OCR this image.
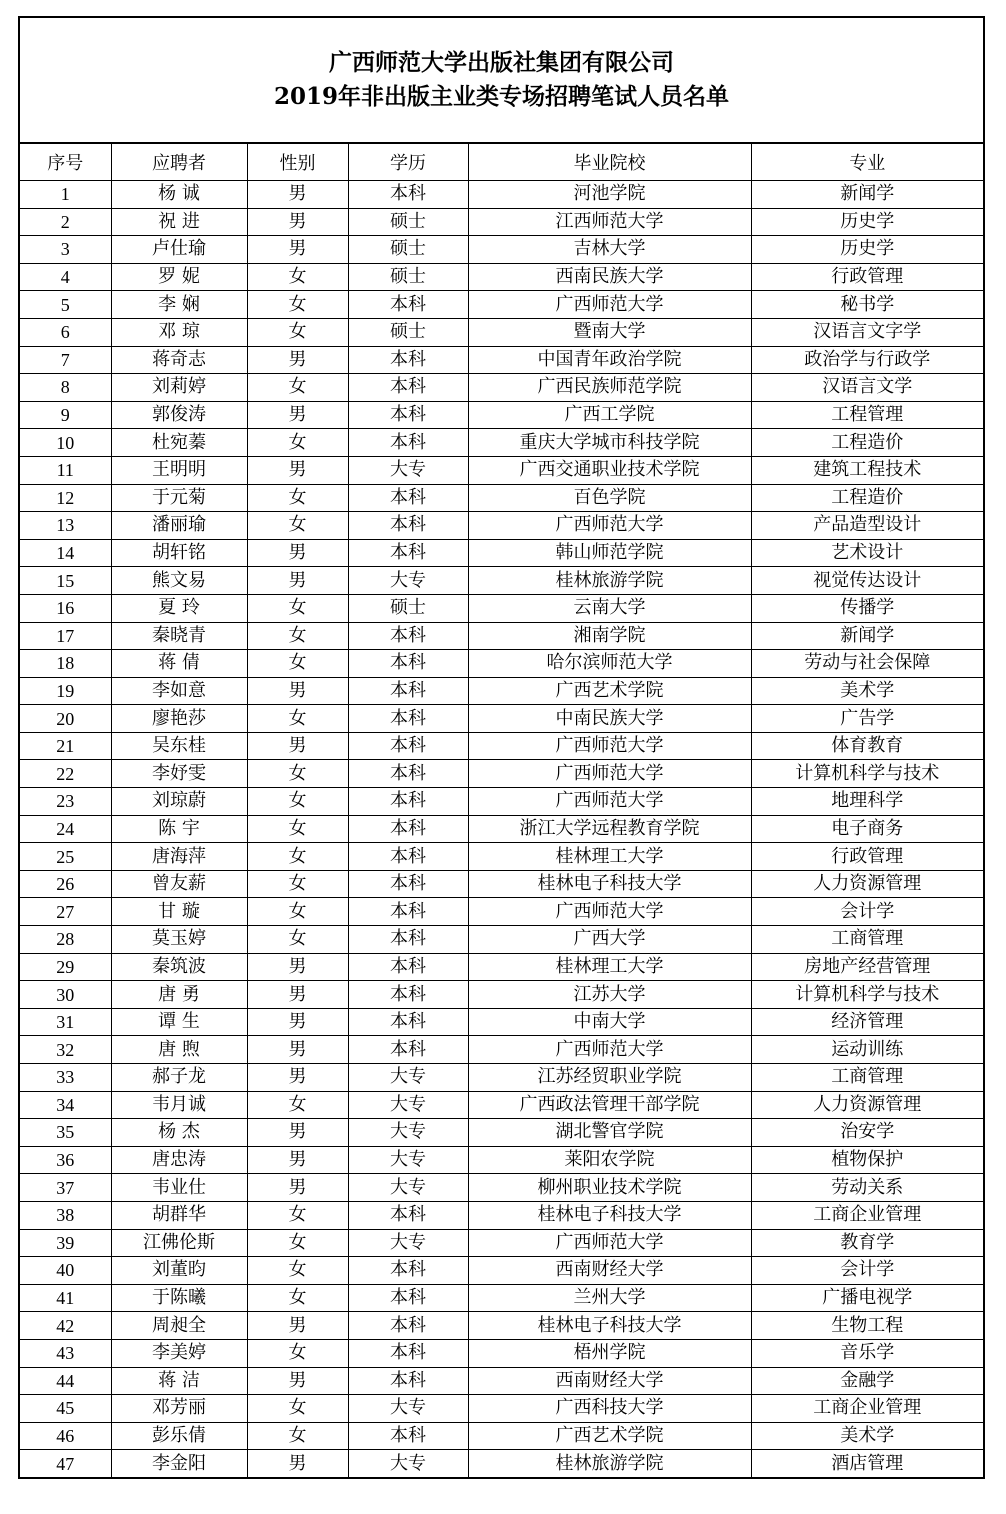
广西师范大学出版社集团有限公司
2019年非出版主业类专场招聘笔试人员名单
序号	应聘者	性别	学历	毕业院校	专业
1	杨 诚	男	本科	河池学院	新闻学
2	祝 进	男	硕士	江西师范大学	历史学
3	卢仕瑜	男	硕士	吉林大学	历史学
4	罗 妮	女	硕士	西南民族大学	行政管理
5	李 娴	女	本科	广西师范大学	秘书学
6	邓 琼	女	硕士	暨南大学	汉语言文字学
7	蒋奇志	男	本科	中国青年政治学院	政治学与行政学
8	刘莉婷	女	本科	广西民族师范学院	汉语言文学
9	郭俊涛	男	本科	广西工学院	工程管理
10	杜宛蓁	女	本科	重庆大学城市科技学院	工程造价
11	王明明	男	大专	广西交通职业技术学院	建筑工程技术
12	于元菊	女	本科	百色学院	工程造价
13	潘丽瑜	女	本科	广西师范大学	产品造型设计
14	胡轩铭	男	本科	韩山师范学院	艺术设计
15	熊文易	男	大专	桂林旅游学院	视觉传达设计
16	夏 玲	女	硕士	云南大学	传播学
17	秦晓青	女	本科	湘南学院	新闻学
18	蒋 倩	女	本科	哈尔滨师范大学	劳动与社会保障
19	李如意	男	本科	广西艺术学院	美术学
20	廖艳莎	女	本科	中南民族大学	广告学
21	吴东桂	男	本科	广西师范大学	体育教育
22	李妤雯	女	本科	广西师范大学	计算机科学与技术
23	刘琼蔚	女	本科	广西师范大学	地理科学
24	陈 宇	女	本科	浙江大学远程教育学院	电子商务
25	唐海萍	女	本科	桂林理工大学	行政管理
26	曾友薪	女	本科	桂林电子科技大学	人力资源管理
27	甘 璇	女	本科	广西师范大学	会计学
28	莫玉婷	女	本科	广西大学	工商管理
29	秦筑波	男	本科	桂林理工大学	房地产经营管理
30	唐 勇	男	本科	江苏大学	计算机科学与技术
31	谭 生	男	本科	中南大学	经济管理
32	唐 煦	男	本科	广西师范大学	运动训练
33	郝子龙	男	大专	江苏经贸职业学院	工商管理
34	韦月诚	女	大专	广西政法管理干部学院	人力资源管理
35	杨 杰	男	大专	湖北警官学院	治安学
36	唐忠涛	男	大专	莱阳农学院	植物保护
37	韦业仕	男	大专	柳州职业技术学院	劳动关系
38	胡群华	女	本科	桂林电子科技大学	工商企业管理
39	江佛伦斯	女	大专	广西师范大学	教育学
40	刘董昀	女	本科	西南财经大学	会计学
41	于陈曦	女	本科	兰州大学	广播电视学
42	周昶全	男	本科	桂林电子科技大学	生物工程
43	李美婷	女	本科	梧州学院	音乐学
44	蒋 洁	男	本科	西南财经大学	金融学
45	邓芳丽	女	大专	广西科技大学	工商企业管理
46	彭乐倩	女	本科	广西艺术学院	美术学
47	李金阳	男	大专	桂林旅游学院	酒店管理
